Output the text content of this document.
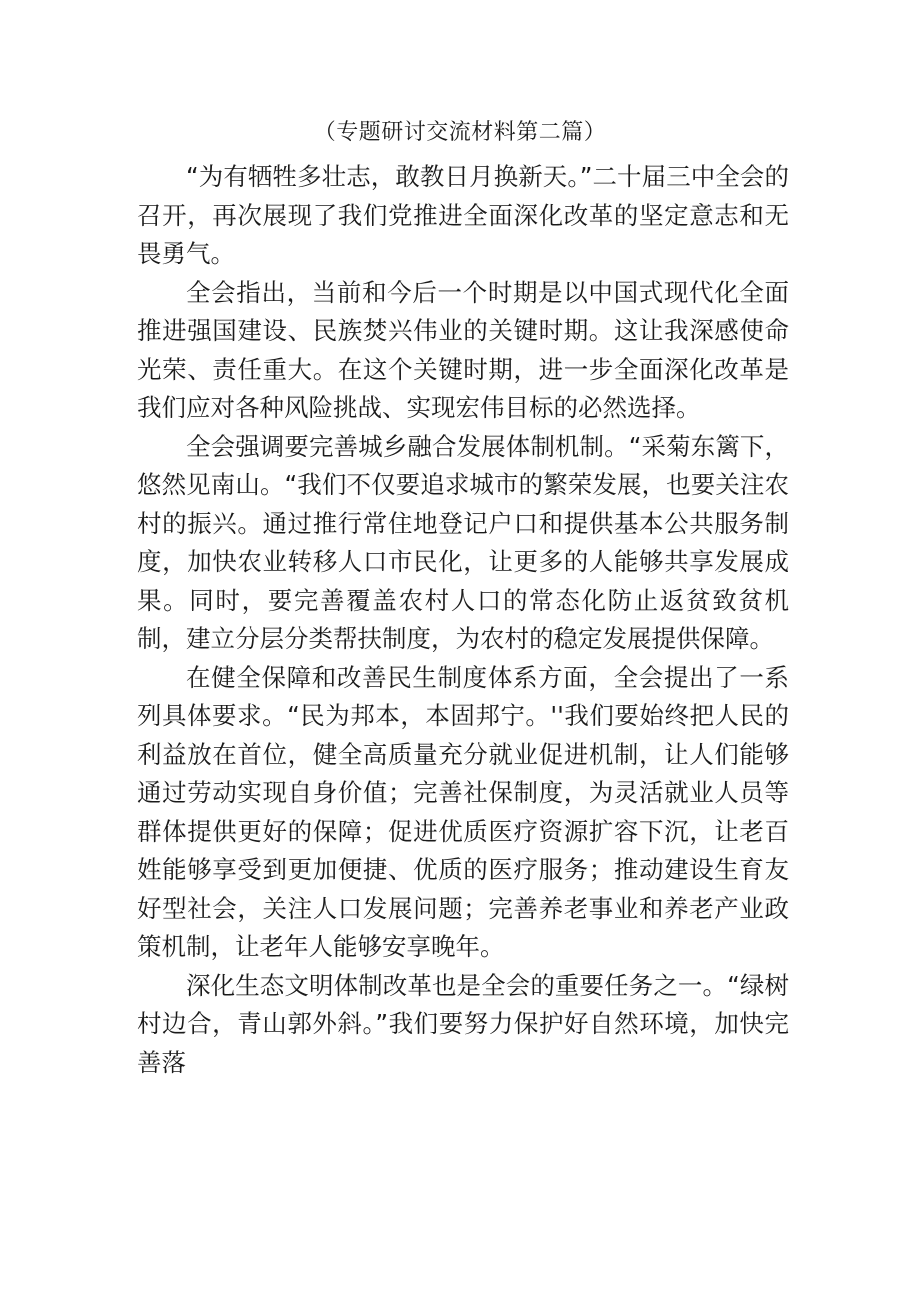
（专题研讨交流材料第二篇）

“为有牺牲多壮志，敢教日月换新天。”二十届三中全会的召开，再次展现了我们党推进全面深化改革的坚定意志和无畏勇气。

全会指出，当前和今后一个时期是以中国式现代化全面推进强国建设、民族焚兴伟业的关键时期。这让我深感使命光荣、责任重大。在这个关键时期，进一步全面深化改革是我们应对各种风险挑战、实现宏伟目标的必然选择。

全会强调要完善城乡融合发展体制机制。“采菊东篱下，悠然见南山。“我们不仅要追求城市的繁荣发展，也要关注农村的振兴。通过推行常住地登记户口和提供基本公共服务制度，加快农业转移人口市民化，让更多的人能够共享发展成果。同时，要完善覆盖农村人口的常态化防止返贫致贫机制，建立分层分类帮扶制度，为农村的稳定发展提供保障。

在健全保障和改善民生制度体系方面，全会提出了一系列具体要求。“民为邦本，本固邦宁。''我们要始终把人民的利益放在首位，健全高质量充分就业促进机制，让人们能够通过劳动实现自身价值；完善社保制度，为灵活就业人员等群体提供更好的保障；促进优质医疗资源扩容下沉，让老百姓能够享受到更加便捷、优质的医疗服务；推动建设生育友好型社会，关注人口发展问题；完善养老事业和养老产业政策机制，让老年人能够安享晚年。

深化生态文明体制改革也是全会的重要任务之一。“绿树村边合，青山郭外斜。”我们要努力保护好自然环境，加快完善落
